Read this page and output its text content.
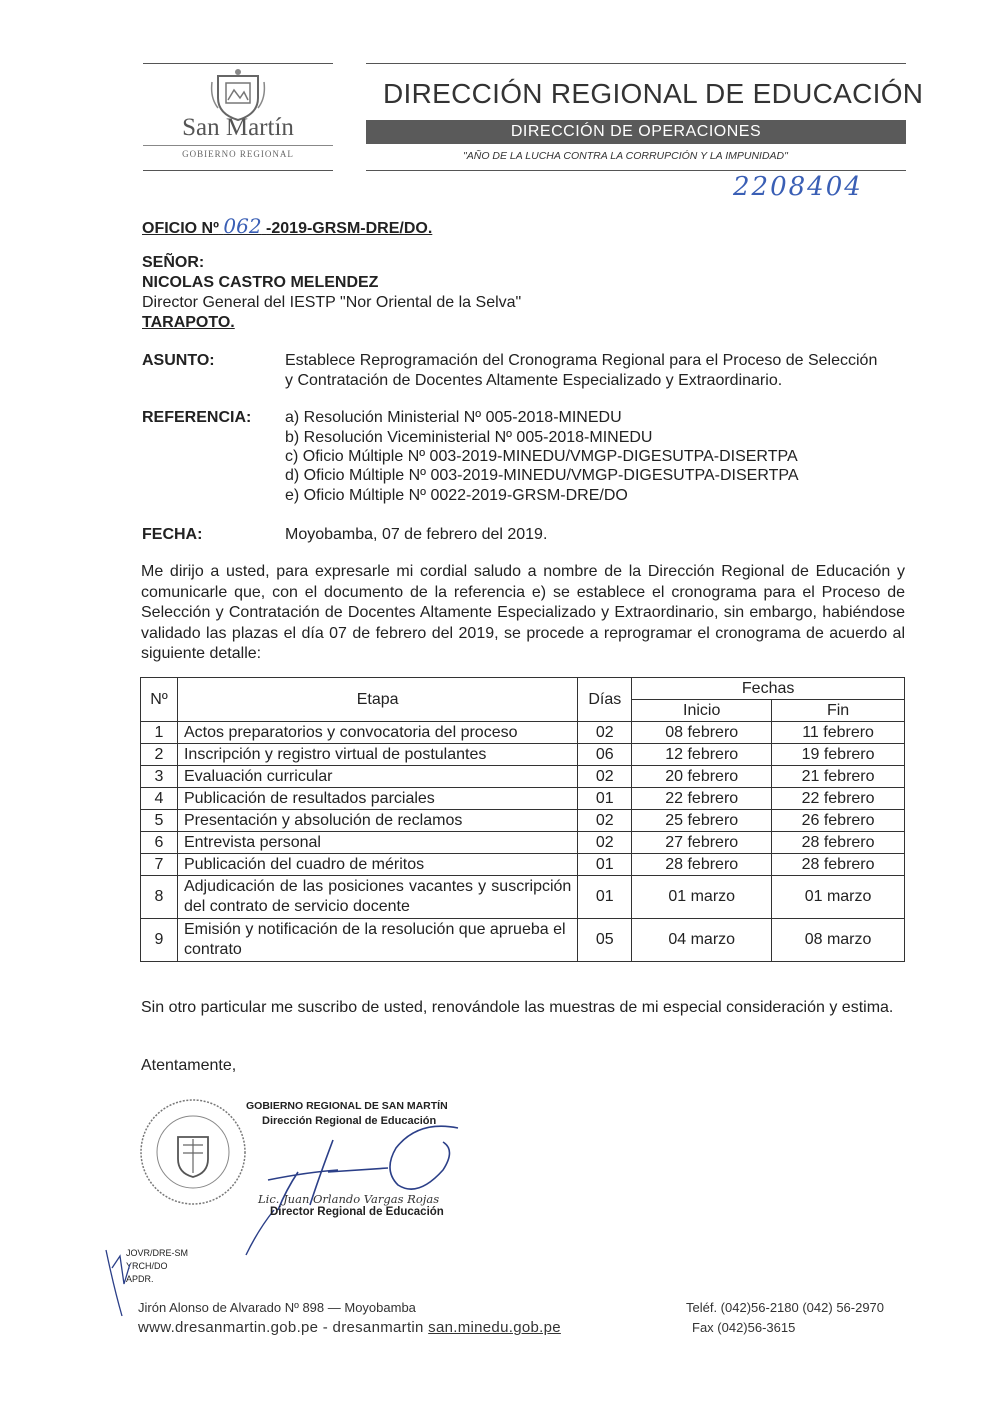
San Martín
GOBIERNO REGIONAL
DIRECCIÓN REGIONAL DE EDUCACIÓN
DIRECCIÓN DE OPERACIONES
"AÑO DE LA LUCHA CONTRA LA CORRUPCIÓN Y LA IMPUNIDAD"
2208404
OFICIO Nº 062 -2019-GRSM-DRE/DO.
SEÑOR:
NICOLAS CASTRO MELENDEZ
Director General del IESTP "Nor Oriental de la Selva"
TARAPOTO.
ASUNTO:	Establece Reprogramación del Cronograma Regional para el Proceso de Selección
y Contratación de Docentes Altamente Especializado y Extraordinario.
REFERENCIA: a) Resolución Ministerial Nº 005-2018-MINEDU
b) Resolución Viceministerial Nº 005-2018-MINEDU
c) Oficio Múltiple Nº 003-2019-MINEDU/VMGP-DIGESUTPA-DISERTPA
d) Oficio Múltiple Nº 003-2019-MINEDU/VMGP-DIGESUTPA-DISERTPA
e) Oficio Múltiple Nº 0022-2019-GRSM-DRE/DO
FECHA:	Moyobamba, 07 de febrero del 2019.
Me dirijo a usted, para expresarle mi cordial saludo a nombre de la Dirección Regional de Educación y comunicarle que, con el documento de la referencia e) se establece el cronograma para el Proceso de Selección y Contratación de Docentes Altamente Especializado y Extraordinario, sin embargo, habiéndose validado las plazas el día 07 de febrero del 2019, se procede a reprogramar el cronograma de acuerdo al siguiente detalle:
Nº	Etapa	Días	Fechas	
			Inicio	Fin
1	Actos preparatorios y convocatoria del proceso	02	08 febrero	11 febrero
2	Inscripción y registro virtual de postulantes	06	12 febrero	19 febrero
3	Evaluación curricular	02	20 febrero	21 febrero
4	Publicación de resultados parciales	01	22 febrero	22 febrero
5	Presentación y absolución de reclamos	02	25 febrero	26 febrero
6	Entrevista personal	02	27 febrero	28 febrero
7	Publicación del cuadro de méritos	01	28 febrero	28 febrero
8	Adjudicación de las posiciones vacantes y suscripción del contrato de servicio docente	01	01 marzo	01 marzo
9	Emisión y notificación de la resolución que aprueba el contrato	05	04 marzo	08 marzo
Sin otro particular me suscribo de usted, renovándole las muestras de mi especial consideración y estima.
Atentamente,
GOBIERNO REGIONAL DE SAN MARTÍN
Dirección Regional de Educación
Lic. Juan Orlando Vargas Rojas
Director Regional de Educación
JOVR/DRE-SM
YRCH/DO
APDR.
Jirón Alonso de Alvarado Nº 898 — Moyobamba
www.dresanmartin.gob.pe - dresanmartin san.minedu.gob.pe
Teléf. (042)56-2180 (042) 56-2970
Fax (042)56-3615
